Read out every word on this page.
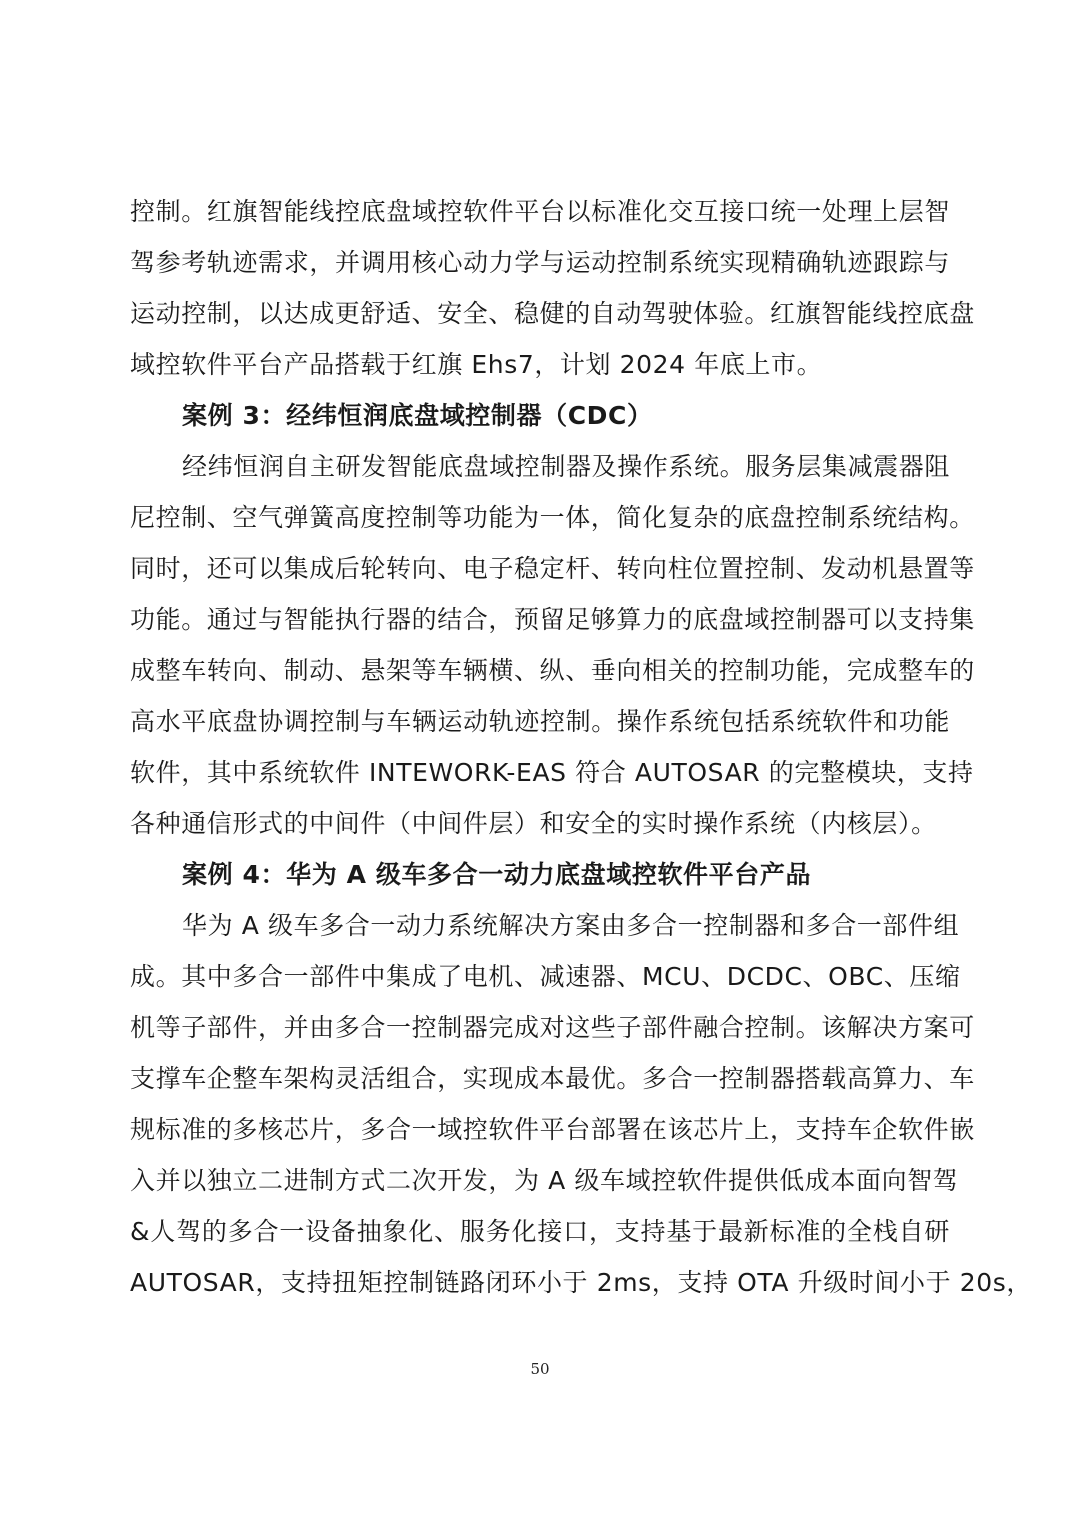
控制。红旗智能线控底盘域控软件平台以标准化交互接口统一处理上层智
驾参考轨迹需求，并调用核心动力学与运动控制系统实现精确轨迹跟踪与
运动控制，以达成更舒适、安全、稳健的自动驾驶体验。红旗智能线控底盘
域控软件平台产品搭载于红旗 Ehs7，计划 2024 年底上市。
案例 3：经纬恒润底盘域控制器（CDC）
经纬恒润自主研发智能底盘域控制器及操作系统。服务层集减震器阻
尼控制、空气弹簧高度控制等功能为一体，简化复杂的底盘控制系统结构。
同时，还可以集成后轮转向、电子稳定杆、转向柱位置控制、发动机悬置等
功能。通过与智能执行器的结合，预留足够算力的底盘域控制器可以支持集
成整车转向、制动、悬架等车辆横、纵、垂向相关的控制功能，完成整车的
高水平底盘协调控制与车辆运动轨迹控制。操作系统包括系统软件和功能
软件，其中系统软件 INTEWORK-EAS 符合 AUTOSAR 的完整模块，支持
各种通信形式的中间件（中间件层）和安全的实时操作系统（内核层）。
案例 4：华为 A 级车多合一动力底盘域控软件平台产品
华为 A 级车多合一动力系统解决方案由多合一控制器和多合一部件组
成。其中多合一部件中集成了电机、减速器、MCU、DCDC、OBC、压缩
机等子部件，并由多合一控制器完成对这些子部件融合控制。该解决方案可
支撑车企整车架构灵活组合，实现成本最优。多合一控制器搭载高算力、车
规标准的多核芯片，多合一域控软件平台部署在该芯片上，支持车企软件嵌
入并以独立二进制方式二次开发，为 A 级车域控软件提供低成本面向智驾
&人驾的多合一设备抽象化、服务化接口，支持基于最新标准的全栈自研
AUTOSAR，支持扭矩控制链路闭环小于 2ms，支持 OTA 升级时间小于 20s，
50
